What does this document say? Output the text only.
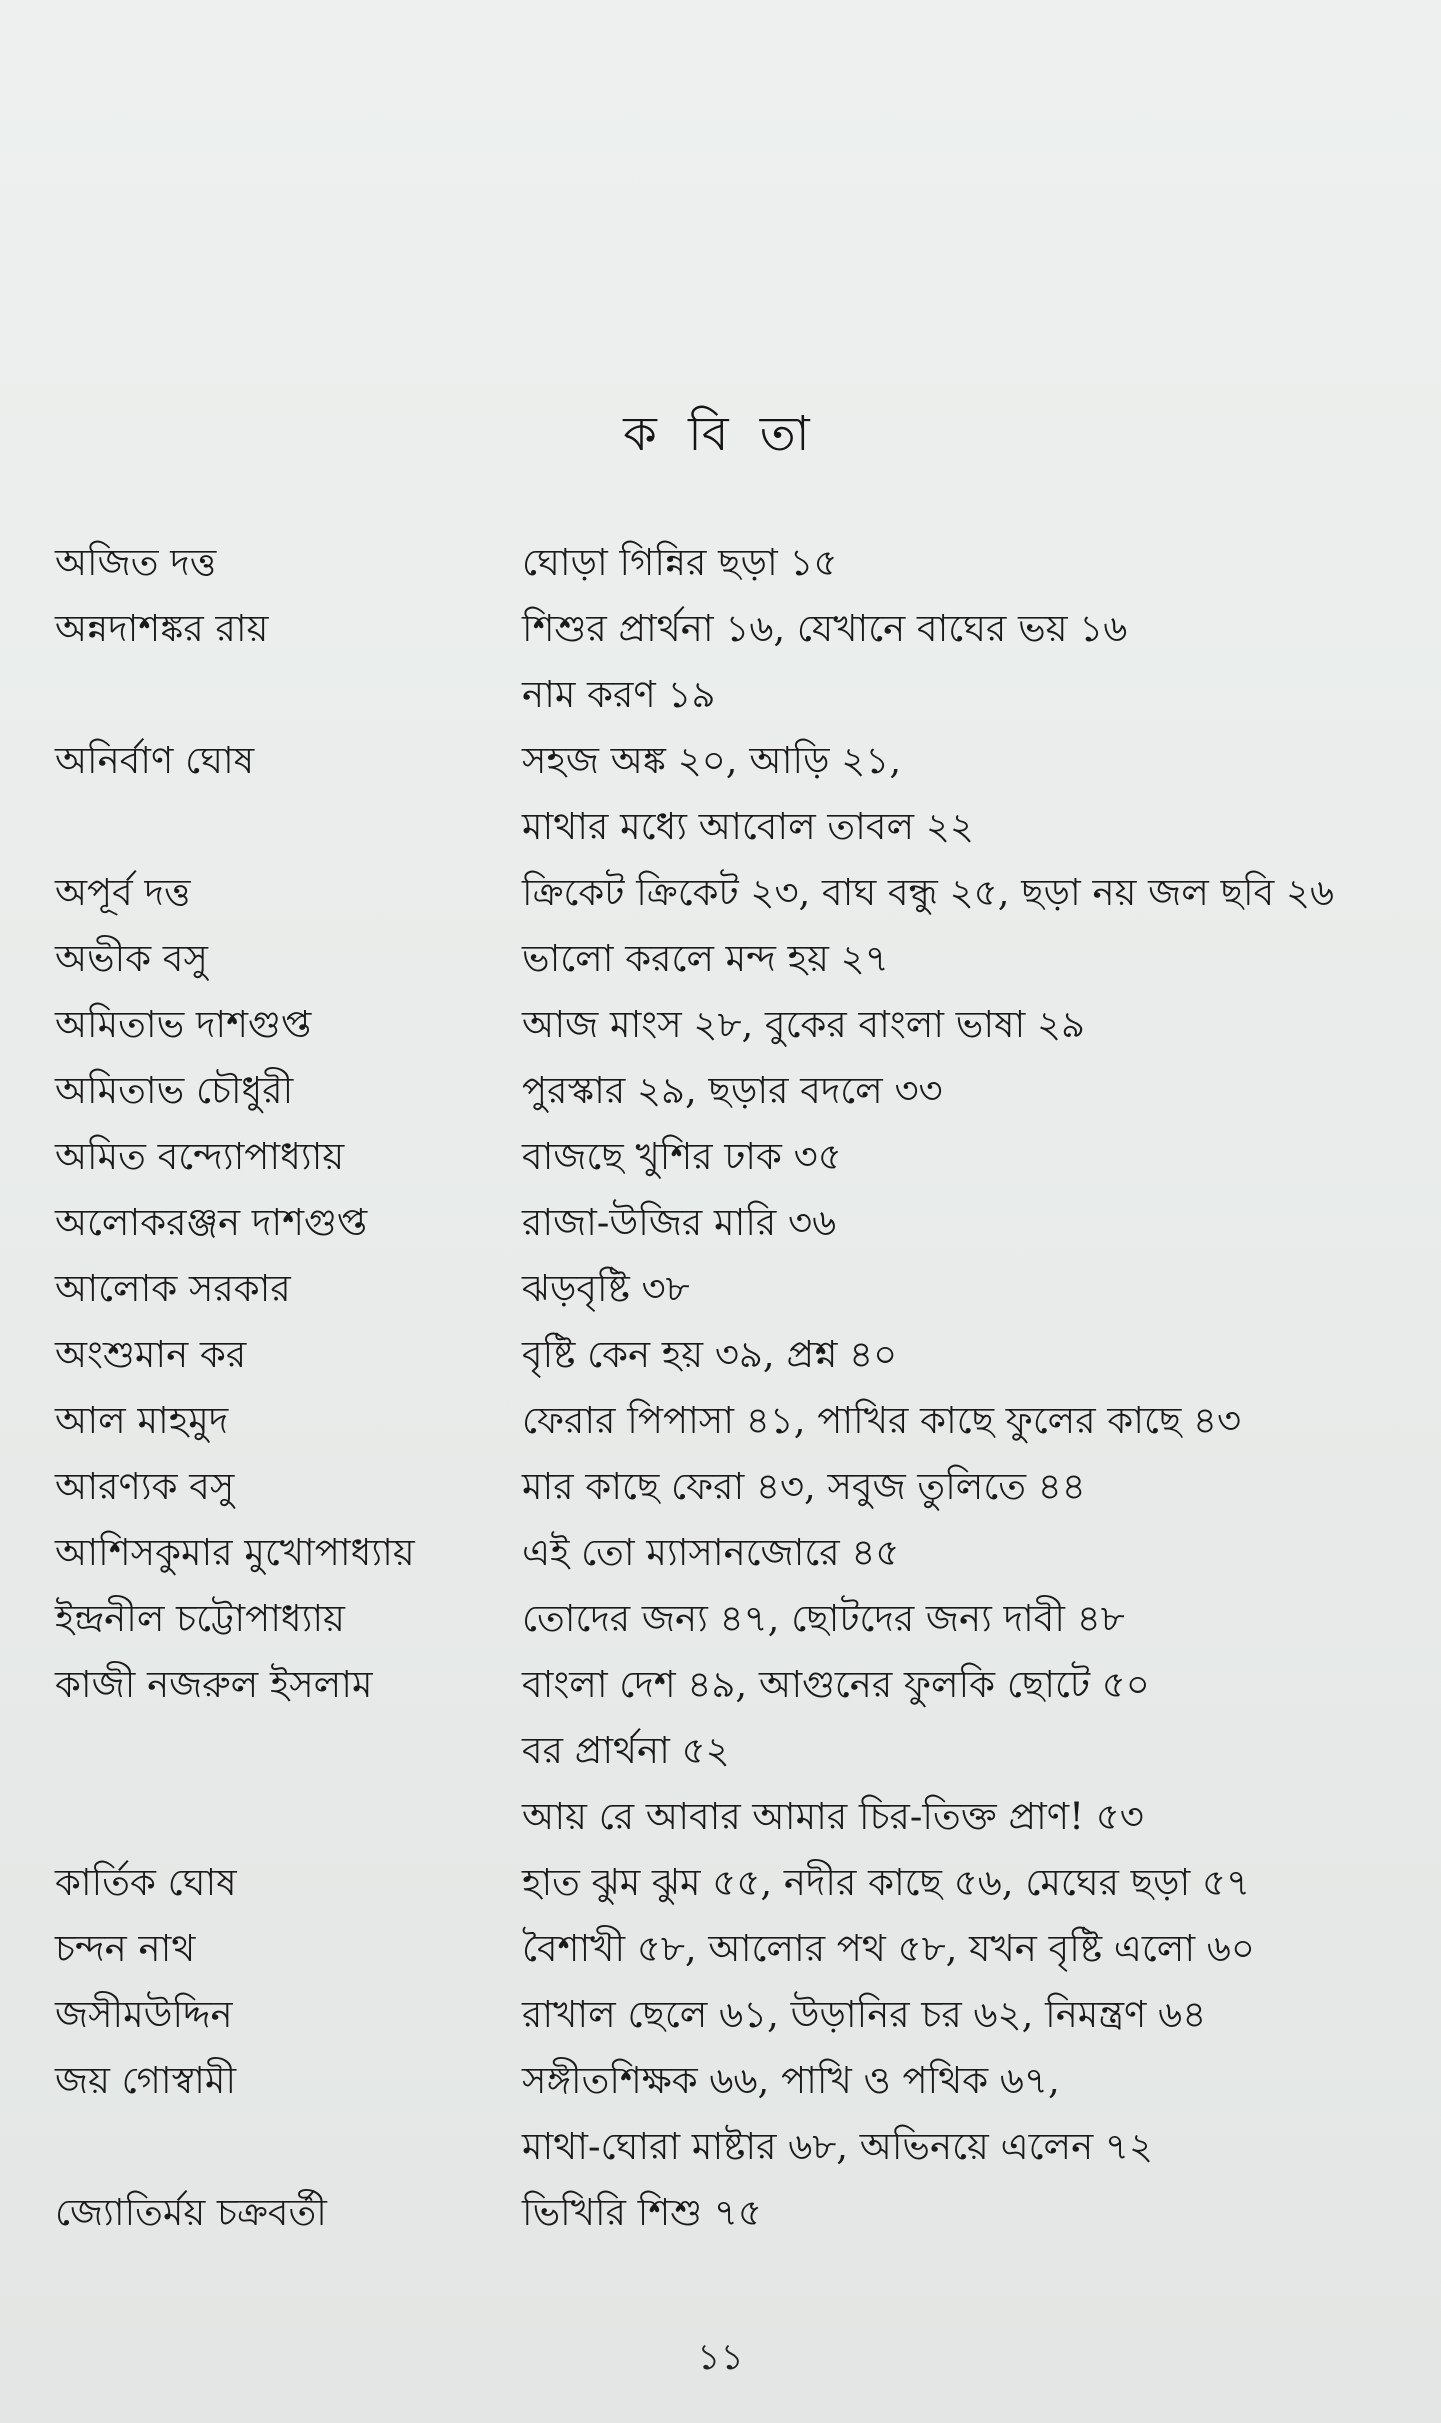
ক বি তা
অজিত দত্ত	ঘোড়া গিন্নির ছড়া ১৫
অন্নদাশঙ্কর রায়	শিশুর প্রার্থনা ১৬, যেখানে বাঘের ভয় ১৬
নাম করণ ১৯
অনির্বাণ ঘোষ	সহজ অঙ্ক ২০, আড়ি ২১,
মাথার মধ্যে আবোল তাবল ২২
অপূর্ব দত্ত	ক্রিকেট ক্রিকেট ২৩, বাঘ বন্ধু ২৫, ছড়া নয় জল ছবি ২৬
অভীক বসু	ভালো করলে মন্দ হয় ২৭
অমিতাভ দাশগুপ্ত	আজ মাংস ২৮, বুকের বাংলা ভাষা ২৯
অমিতাভ চৌধুরী	পুরস্কার ২৯, ছড়ার বদলে ৩৩
অমিত বন্দ্যোপাধ্যায়	বাজছে খুশির ঢাক ৩৫
অলোকরঞ্জন দাশগুপ্ত	রাজা-উজির মারি ৩৬
আলোক সরকার	ঝড়বৃষ্টি ৩৮
অংশুমান কর	বৃষ্টি কেন হয় ৩৯, প্রশ্ন ৪০
আল মাহমুদ	ফেরার পিপাসা ৪১, পাখির কাছে ফুলের কাছে ৪৩
আরণ্যক বসু	মার কাছে ফেরা ৪৩, সবুজ তুলিতে ৪৪
আশিসকুমার মুখোপাধ্যায়	এই তো ম্যাসানজোরে ৪৫
ইন্দ্রনীল চট্টোপাধ্যায়	তোদের জন্য ৪৭, ছোটদের জন্য দাবী ৪৮
কাজী নজরুল ইসলাম	বাংলা দেশ ৪৯, আগুনের ফুলকি ছোটে ৫০
বর প্রার্থনা ৫২
আয় রে আবার আমার চির-তিক্ত প্রাণ! ৫৩
কার্তিক ঘোষ	হাত ঝুম ঝুম ৫৫, নদীর কাছে ৫৬, মেঘের ছড়া ৫৭
চন্দন নাথ	বৈশাখী ৫৮, আলোর পথ ৫৮, যখন বৃষ্টি এলো ৬০
জসীমউদ্দিন	রাখাল ছেলে ৬১, উড়ানির চর ৬২, নিমন্ত্রণ ৬৪
জয় গোস্বামী	সঙ্গীতশিক্ষক ৬৬, পাখি ও পথিক ৬৭,
মাথা-ঘোরা মাষ্টার ৬৮, অভিনয়ে এলেন ৭২
জ্যোতির্ময় চক্রবর্তী	ভিখিরি শিশু ৭৫
১১
